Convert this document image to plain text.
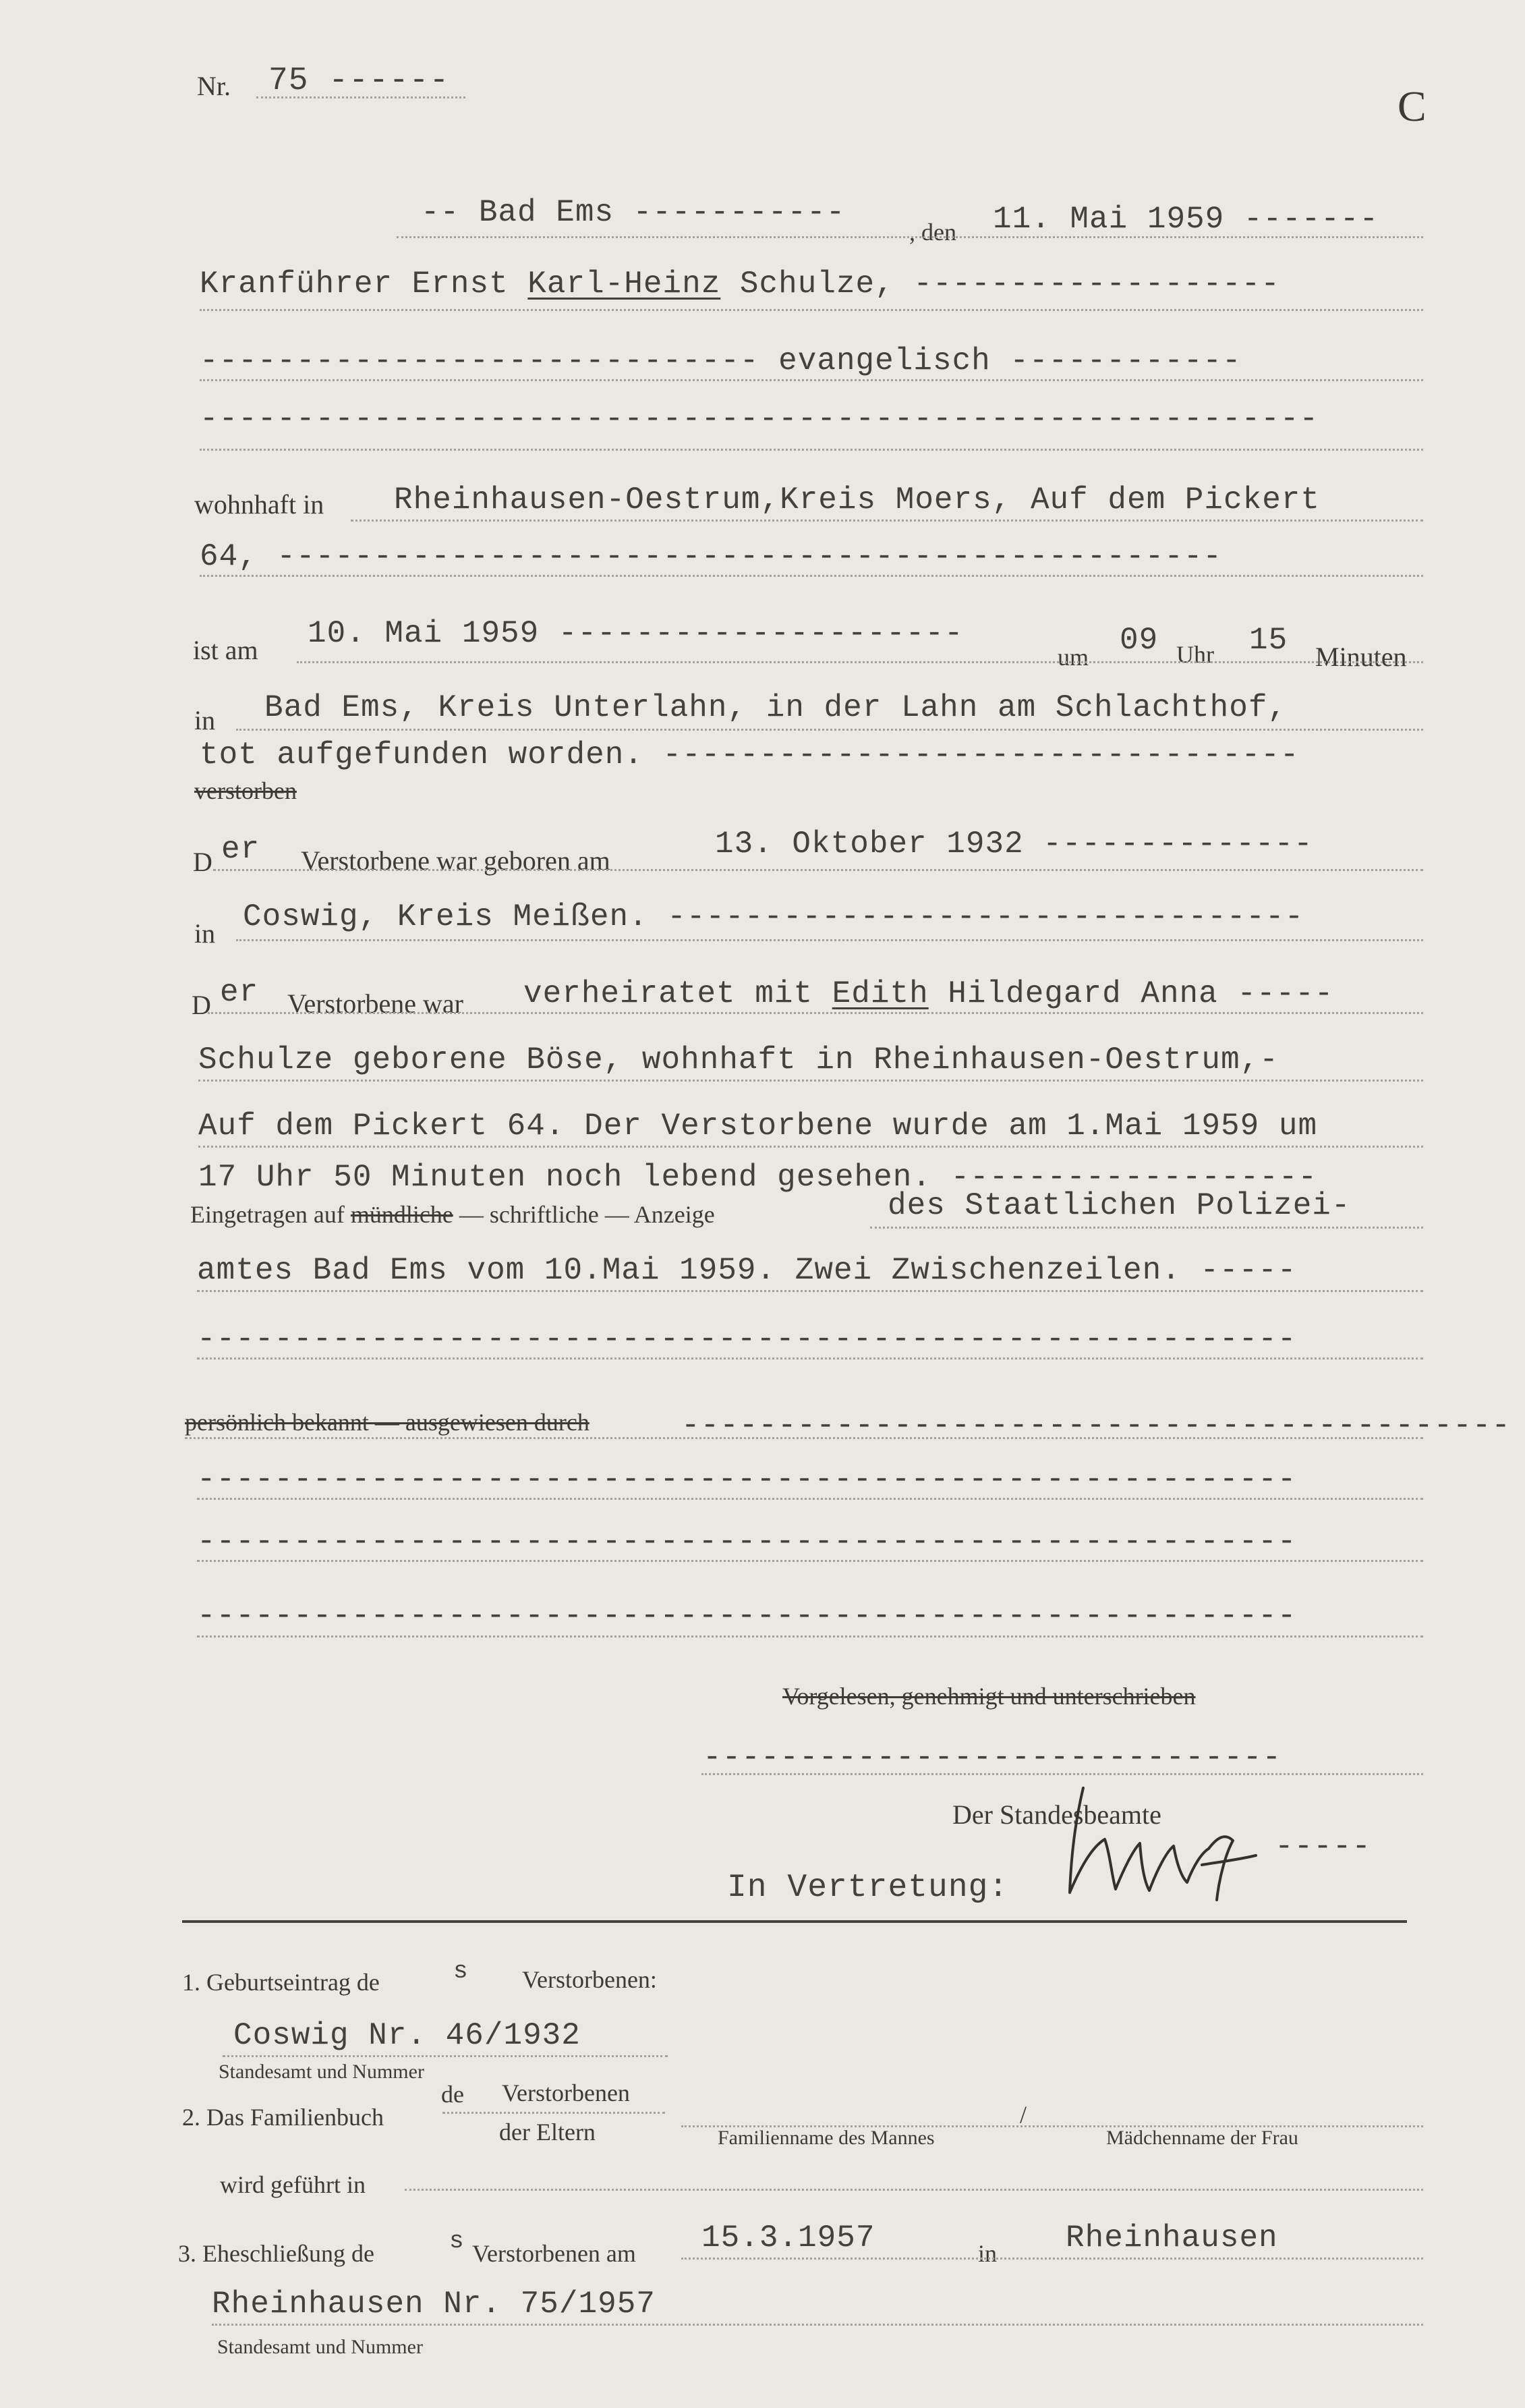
Nr. 75 ------
C
-- Bad Ems -----------
, den 11. Mai 1959 -------
Kranführer Ernst Karl-Heinz Schulze, -------------------
----------------------------- evangelisch ------------
----------------------------------------------------------
wohnhaft in Rheinhausen-Oestrum,Kreis Moers, Auf dem Pickert
64, -------------------------------------------------
ist am 10. Mai 1959 ---------------------
um 09 Uhr 15 Minuten
in Bad Ems, Kreis Unterlahn, in der Lahn am Schlachthof,
tot aufgefunden worden. ---------------------------------
verstorben
D er Verstorbene war geboren am	13. Oktober 1932 --------------
in Coswig, Kreis Meißen. ---------------------------------
D er Verstorbene war verheiratet mit Edith Hildegard Anna -----
Schulze geborene Böse, wohnhaft in Rheinhausen-Oestrum,-
Auf dem Pickert 64. Der Verstorbene wurde am 1.Mai 1959 um
17 Uhr 50 Minuten noch lebend gesehen. -------------------
Eingetragen auf mündliche — schriftliche — Anzeige	des Staatlichen Polizei-
amtes Bad Ems vom 10.Mai 1959. Zwei Zwischenzeilen. -----
---------------------------------------------------------
persönlich bekannt — ausgewiesen durch	-------------------------------------------
---------------------------------------------------------
---------------------------------------------------------
---------------------------------------------------------
Vorgelesen, genehmigt und unterschrieben
------------------------------
Der Standesbeamte
-----
In Vertretung:
1. Geburtseintrag de	s Verstorbenen:
Coswig Nr. 46/1932
Standesamt und Nummer
2. Das Familienbuch
de Verstorbenen
der Eltern
/
Familienname des Mannes	Mädchenname der Frau
wird geführt in
3. Eheschließung de	s Verstorbenen am 15.3.1957	in Rheinhausen
Rheinhausen Nr. 75/1957
Standesamt und Nummer
